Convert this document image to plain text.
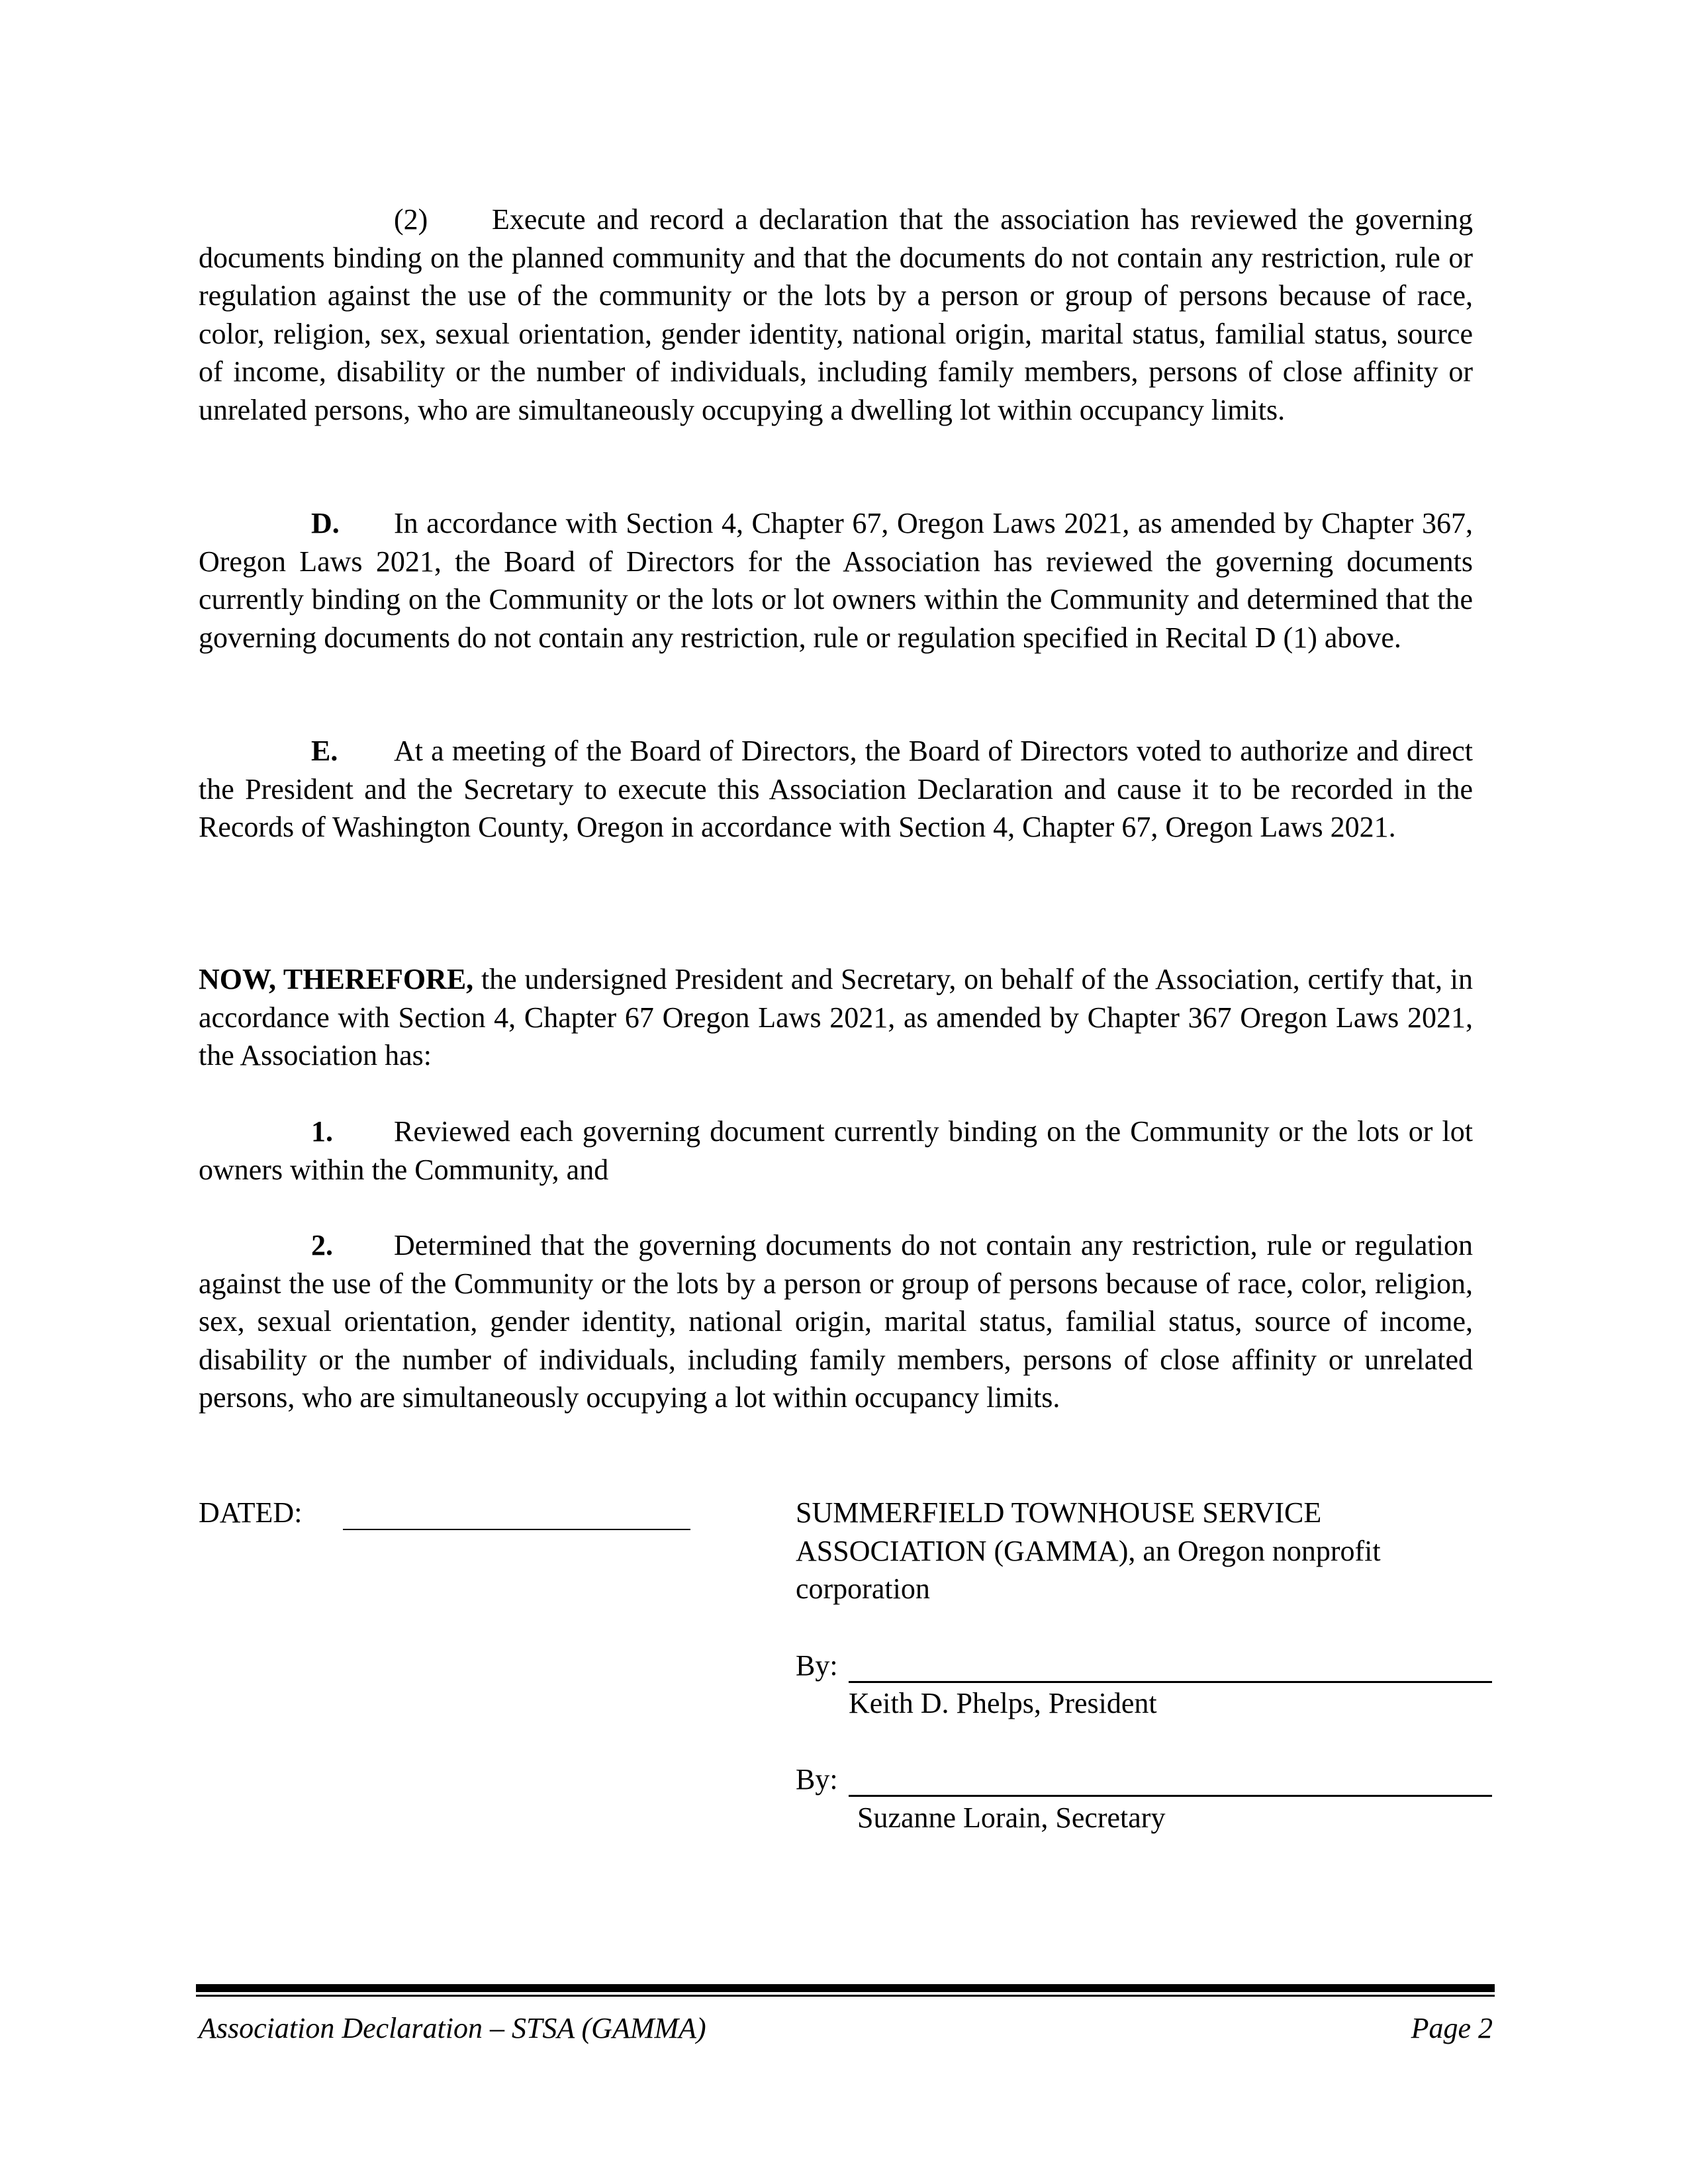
(2) Execute and record a declaration that the association has reviewed the governing documents binding on the planned community and that the documents do not contain any restriction, rule or regulation against the use of the community or the lots by a person or group of persons because of race, color, religion, sex, sexual orientation, gender identity, national origin, marital status, familial status, source of income, disability or the number of individuals, including family members, persons of close affinity or unrelated persons, who are simultaneously occupying a dwelling lot within occupancy limits.

D. In accordance with Section 4, Chapter 67, Oregon Laws 2021, as amended by Chapter 367, Oregon Laws 2021, the Board of Directors for the Association has reviewed the governing documents currently binding on the Community or the lots or lot owners within the Community and determined that the governing documents do not contain any restriction, rule or regulation specified in Recital D (1) above.

E. At a meeting of the Board of Directors, the Board of Directors voted to authorize and direct the President and the Secretary to execute this Association Declaration and cause it to be recorded in the Records of Washington County, Oregon in accordance with Section 4, Chapter 67, Oregon Laws 2021.

NOW, THEREFORE, the undersigned President and Secretary, on behalf of the Association, certify that, in accordance with Section 4, Chapter 67 Oregon Laws 2021, as amended by Chapter 367 Oregon Laws 2021, the Association has:

1. Reviewed each governing document currently binding on the Community or the lots or lot owners within the Community, and

2. Determined that the governing documents do not contain any restriction, rule or regulation against the use of the Community or the lots by a person or group of persons because of race, color, religion, sex, sexual orientation, gender identity, national origin, marital status, familial status, source of income, disability or the number of individuals, including family members, persons of close affinity or unrelated persons, who are simultaneously occupying a lot within occupancy limits.

DATED:	SUMMERFIELD TOWNHOUSE SERVICE
ASSOCIATION (GAMMA), an Oregon nonprofit
corporation
By:
Keith D. Phelps, President
By:
Suzanne Lorain, Secretary
Association Declaration – STSA (GAMMA)	Page 2
